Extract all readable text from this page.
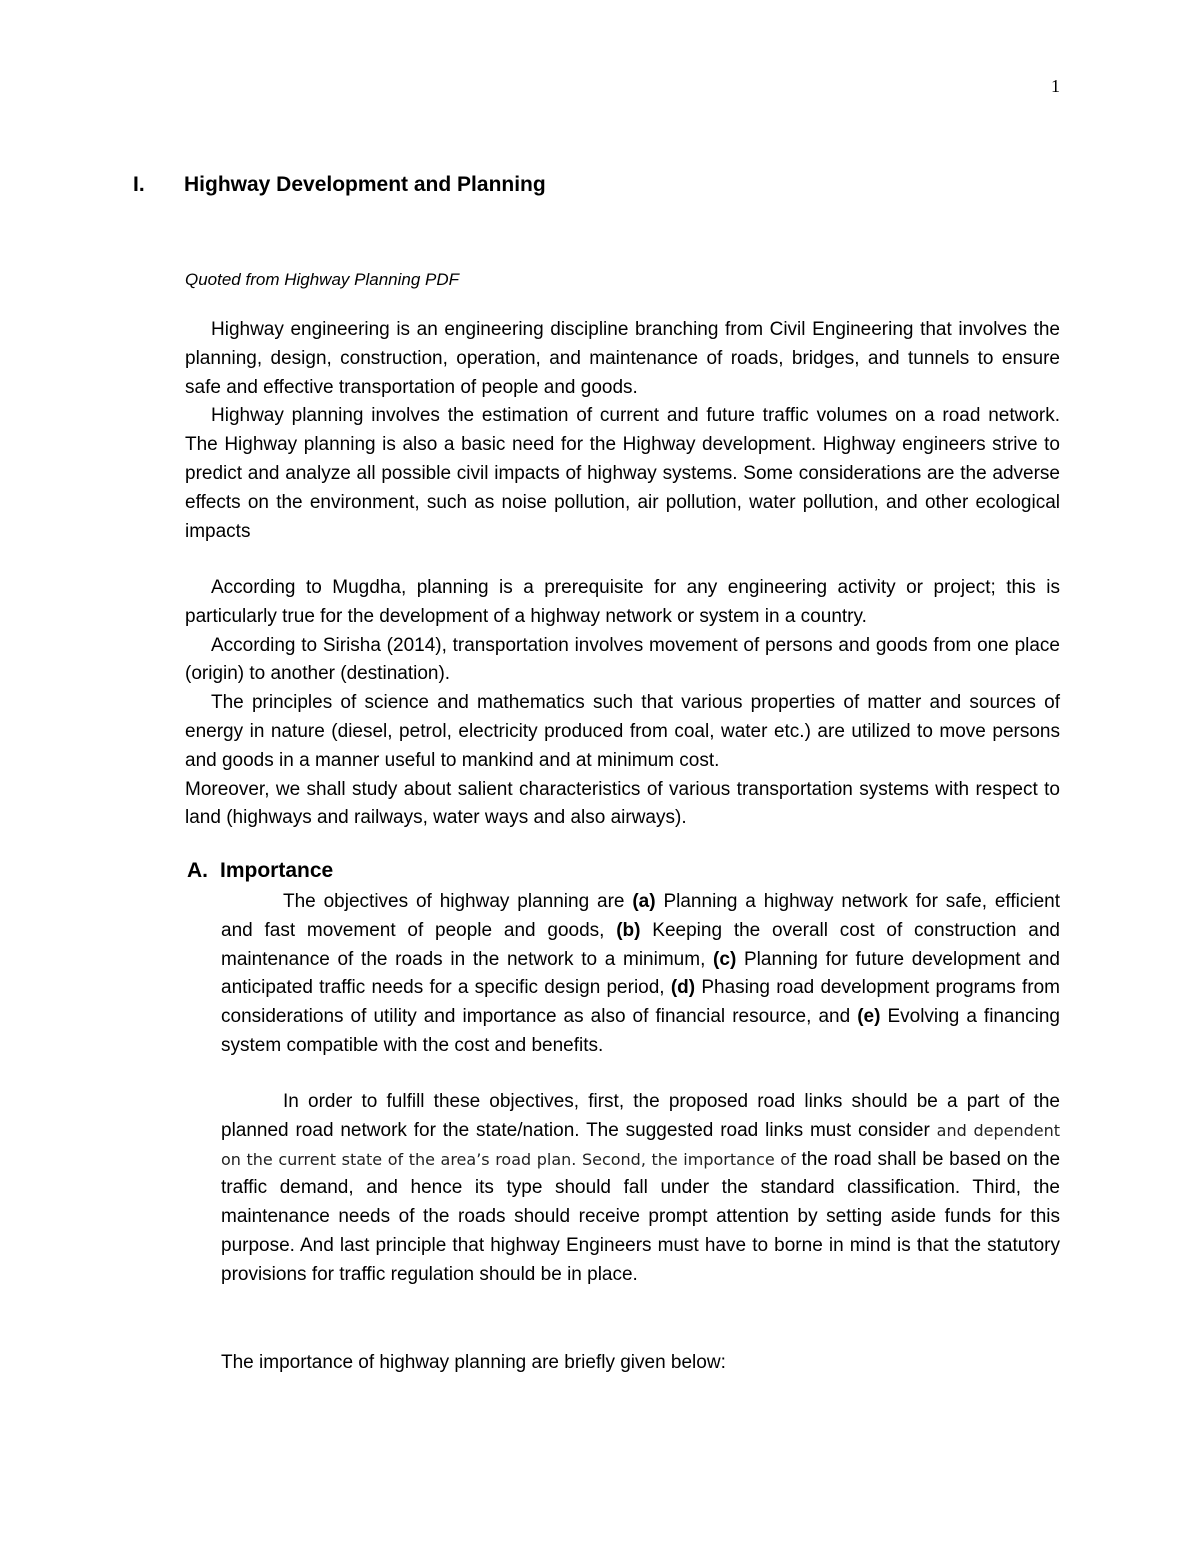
1
I. Highway Development and Planning
Quoted from Highway Planning PDF

Highway engineering is an engineering discipline branching from Civil Engineering that involves the planning, design, construction, operation, and maintenance of roads, bridges, and tunnels to ensure safe and effective transportation of people and goods.

Highway planning involves the estimation of current and future traffic volumes on a road network. The Highway planning is also a basic need for the Highway development. Highway engineers strive to predict and analyze all possible civil impacts of highway systems. Some considerations are the adverse effects on the environment, such as noise pollution, air pollution, water pollution, and other ecological impacts

According to Mugdha, planning is a prerequisite for any engineering activity or project; this is particularly true for the development of a highway network or system in a country.

According to Sirisha (2014), transportation involves movement of persons and goods from one place (origin) to another (destination).

The principles of science and mathematics such that various properties of matter and sources of energy in nature (diesel, petrol, electricity produced from coal, water etc.) are utilized to move persons and goods in a manner useful to mankind and at minimum cost.

Moreover, we shall study about salient characteristics of various transportation systems with respect to land (highways and railways, water ways and also airways).

A. Importance

The objectives of highway planning are (a) Planning a highway network for safe, efficient and fast movement of people and goods, (b) Keeping the overall cost of construction and maintenance of the roads in the network to a minimum, (c) Planning for future development and anticipated traffic needs for a specific design period, (d) Phasing road development programs from considerations of utility and importance as also of financial resource, and (e) Evolving a financing system compatible with the cost and benefits.

In order to fulfill these objectives, first, the proposed road links should be a part of the planned road network for the state/nation. The suggested road links must consider and dependent on the current state of the area’s road plan. Second, the importance of the road shall be based on the traffic demand, and hence its type should fall under the standard classification. Third, the maintenance needs of the roads should receive prompt attention by setting aside funds for this purpose. And last principle that highway Engineers must have to borne in mind is that the statutory provisions for traffic regulation should be in place.

The importance of highway planning are briefly given below:
